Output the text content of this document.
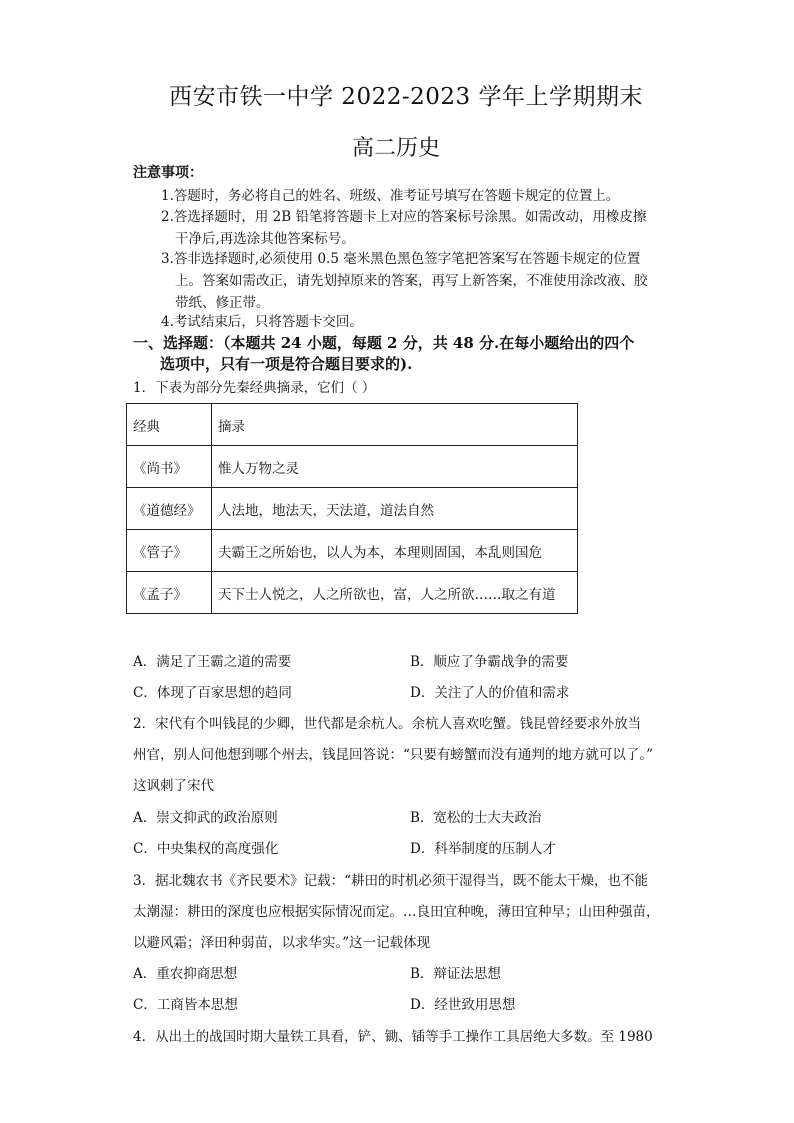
西安市铁一中学 2022-2023 学年上学期期末
高二历史
注意事项：
1.答题时，务必将自己的姓名、班级、准考证号填写在答题卡规定的位置上。
2.答选择题时，用 2B 铅笔将答题卡上对应的答案标号涂黑。如需改动，用橡皮擦
干净后,再选涂其他答案标号。
3.答非选择题时,必须使用 0.5 毫米黑色黑色签字笔把答案写在答题卡规定的位置
上。答案如需改正，请先划掉原来的答案，再写上新答案，不准使用涂改液、胶
带纸、修正带。
4.考试结束后，只将答题卡交回。
一、选择题：（本题共 24 小题，每题 2 分，共 48 分.在每小题给出的四个
选项中，只有一项是符合题目要求的).
1．下表为部分先秦经典摘录，它们（ ）
经典	摘录
《尚书》	惟人万物之灵
《道德经》	人法地，地法天，天法道，道法自然
《管子》	夫霸王之所始也，以人为本，本理则固国，本乱则国危
《孟子》	天下士人悦之，人之所欲也，富，人之所欲……取之有道
A．满足了王霸之道的需要	B．顺应了争霸战争的需要
C．体现了百家思想的趋同	D．关注了人的价值和需求
2．宋代有个叫钱昆的少卿，世代都是余杭人。余杭人喜欢吃蟹。钱昆曾经要求外放当
州官，别人问他想到哪个州去，钱昆回答说：“只要有螃蟹而没有通判的地方就可以了。”
这讽刺了宋代
A．崇文抑武的政治原则	B．宽松的士大夫政治
C．中央集权的高度强化	D．科举制度的压制人才
3．据北魏农书《齐民要术》记载：“耕田的时机必须干湿得当，既不能太干燥，也不能
太潮湿：耕田的深度也应根据实际情况而定。…良田宜种晚，薄田宜种早；山田种强苗，
以避风霜；泽田种弱苗，以求华实。”这一记载体现
A．重农抑商思想	B．辩证法思想
C．工商皆本思想	D．经世致用思想
4．从出土的战国时期大量铁工具看，铲、锄、锸等手工操作工具居绝大多数。至 1980
